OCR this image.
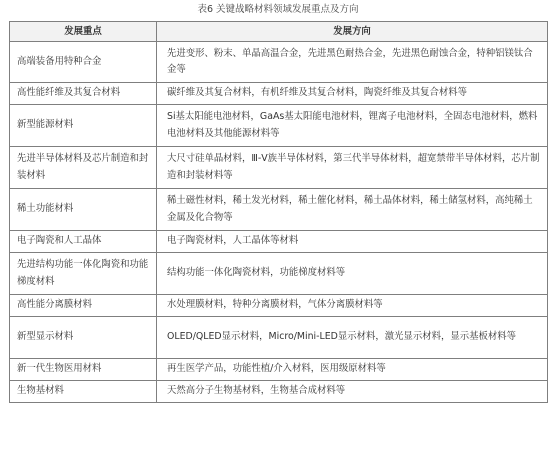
表6 关键战略材料领域发展重点及方向
发展重点	发展方向
高端装备用特种合金	先进变形、粉末、单晶高温合金，先进黑色耐热合金，先进黑色耐蚀合金，特种铝镁钛合金等
高性能纤维及其复合材料	碳纤维及其复合材料，有机纤维及其复合材料，陶瓷纤维及其复合材料等
新型能源材料	Si基太阳能电池材料，GaAs基太阳能电池材料，锂离子电池材料，全固态电池材料，燃料电池材料及其他能源材料等
先进半导体材料及芯片制造和封装材料	大尺寸硅单晶材料，Ⅲ-Ⅴ族半导体材料，第三代半导体材料，超宽禁带半导体材料，芯片制造和封装材料等
稀土功能材料	稀土磁性材料，稀土发光材料，稀土催化材料，稀土晶体材料，稀土储氢材料，高纯稀土金属及化合物等
电子陶瓷和人工晶体	电子陶瓷材料，人工晶体等材料
先进结构功能一体化陶瓷和功能梯度材料	结构功能一体化陶瓷材料，功能梯度材料等
高性能分离膜材料	水处理膜材料，特种分离膜材料，气体分离膜材料等
新型显示材料	OLED/QLED显示材料，Micro/Mini-LED显示材料，激光显示材料，显示基板材料等
新一代生物医用材料	再生医学产品，功能性植/介入材料，医用级原材料等
生物基材料	天然高分子生物基材料，生物基合成材料等
